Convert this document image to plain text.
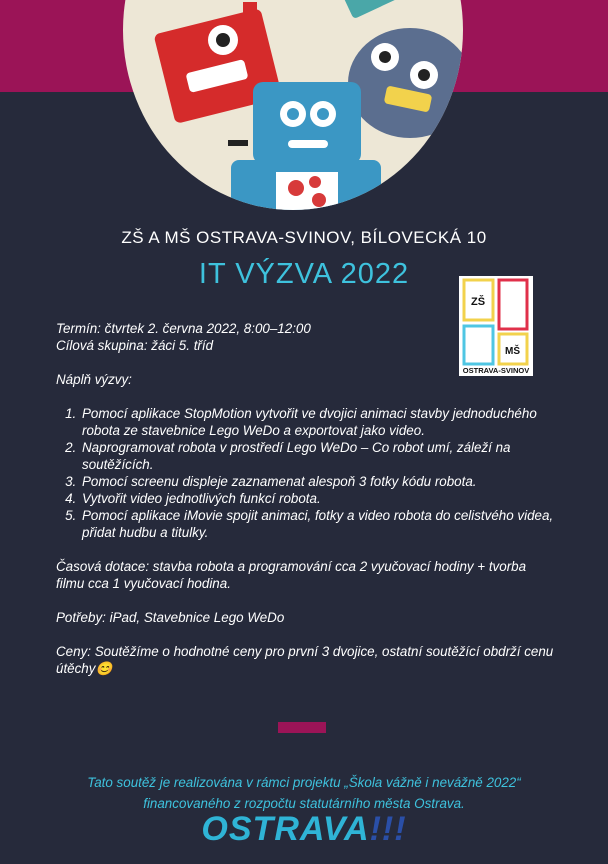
ZŠ A MŠ OSTRAVA-SVINOV, BÍLOVECKÁ 10
IT VÝZVA 2022
ZŠ
MŠ
OSTRAVA-SVINOV

Termín: čtvrtek 2. června 2022, 8:00–12:00

Cílová skupina: žáci 5. tříd

Náplň výzvy:

1. Pomocí aplikace StopMotion vytvořit ve dvojici animaci stavby jednoduchého robota ze stavebnice Lego WeDo a exportovat jako video.
2. Naprogramovat robota v prostředí Lego WeDo – Co robot umí, záleží na soutěžících.
3. Pomocí screenu displeje zaznamenat alespoň 3 fotky kódu robota.
4. Vytvořit video jednotlivých funkcí robota.
5. Pomocí aplikace iMovie spojit animaci, fotky a video robota do celistvého videa, přidat hudbu a titulky.

Časová dotace: stavba robota a programování cca 2 vyučovací hodiny + tvorba filmu cca 1 vyučovací hodina.

Potřeby: iPad, Stavebnice Lego WeDo

Ceny: Soutěžíme o hodnotné ceny pro první 3 dvojice, ostatní soutěžící obdrží cenu útěchy😊

Tato soutěž je realizována v rámci projektu „Škola vážně i nevážně 2022“
financovaného z rozpočtu statutárního města Ostrava.
OSTRAVA!!!
